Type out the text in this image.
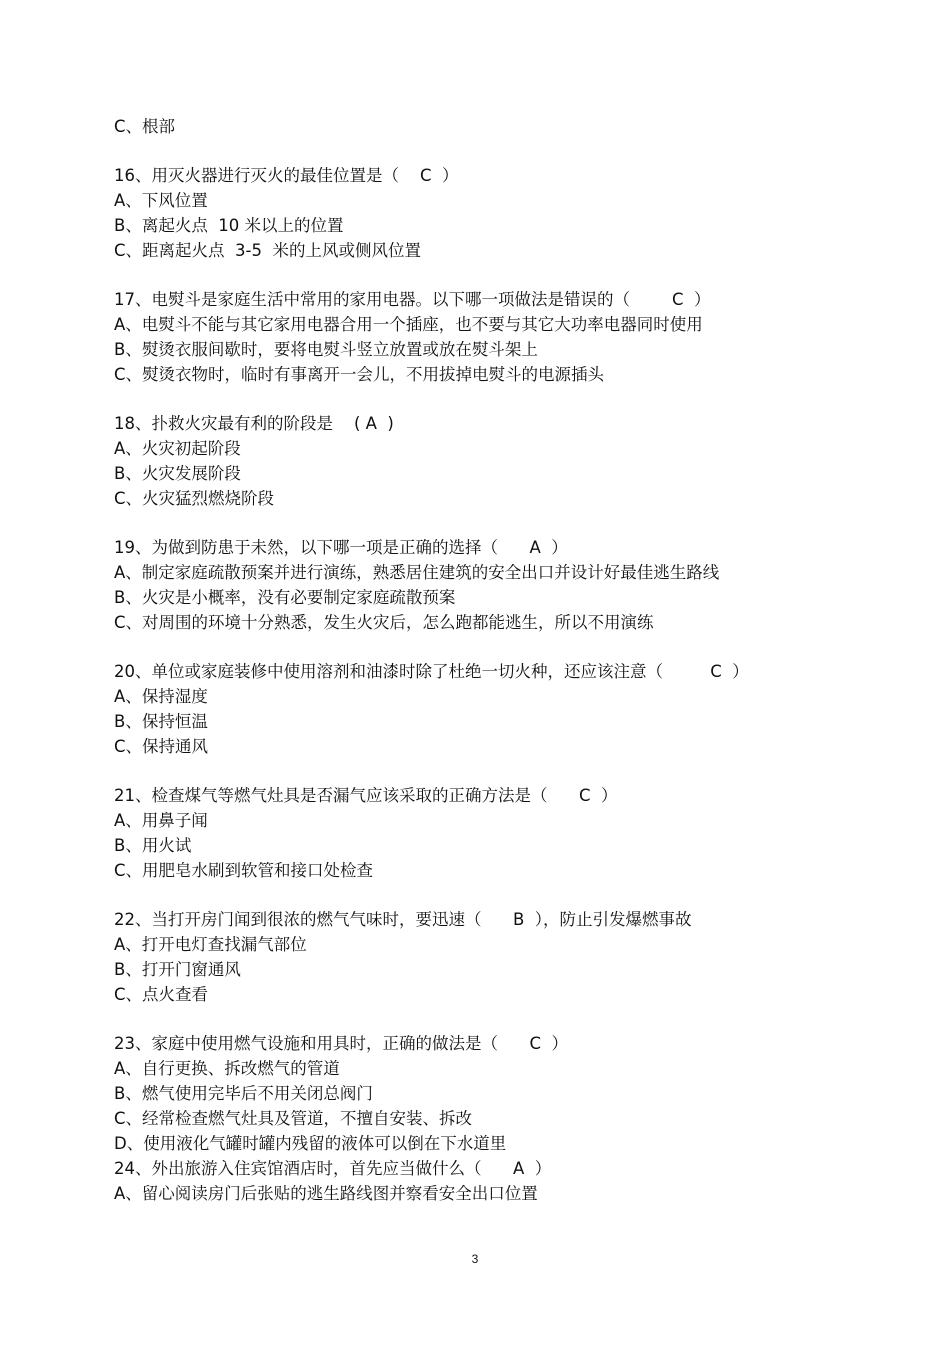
C、根部
16、用灭火器进行灭火的最佳位置是（    C  ）
A、下风位置
B、离起火点  10 米以上的位置
C、距离起火点  3-5  米的上风或侧风位置
17、电熨斗是家庭生活中常用的家用电器。以下哪一项做法是错误的（        C  ）
A、电熨斗不能与其它家用电器合用一个插座，也不要与其它大功率电器同时使用
B、熨烫衣服间歇时，要将电熨斗竖立放置或放在熨斗架上
C、熨烫衣物时，临时有事离开一会儿，不用拔掉电熨斗的电源插头
18、扑救火灾最有利的阶段是    ( A  )
A、火灾初起阶段
B、火灾发展阶段
C、火灾猛烈燃烧阶段
19、为做到防患于未然，以下哪一项是正确的选择（      A  ）
A、制定家庭疏散预案并进行演练，熟悉居住建筑的安全出口并设计好最佳逃生路线
B、火灾是小概率，没有必要制定家庭疏散预案
C、对周围的环境十分熟悉，发生火灾后，怎么跑都能逃生，所以不用演练
20、单位或家庭装修中使用溶剂和油漆时除了杜绝一切火种，还应该注意（         C  ）
A、保持湿度
B、保持恒温
C、保持通风
21、检查煤气等燃气灶具是否漏气应该采取的正确方法是（      C  ）
A、用鼻子闻
B、用火试
C、用肥皂水刷到软管和接口处检查
22、当打开房门闻到很浓的燃气气味时，要迅速（      B  ），防止引发爆燃事故
A、打开电灯查找漏气部位
B、打开门窗通风
C、点火查看
23、家庭中使用燃气设施和用具时，正确的做法是（      C  ）
A、自行更换、拆改燃气的管道
B、燃气使用完毕后不用关闭总阀门
C、经常检查燃气灶具及管道，不擅自安装、拆改
D、使用液化气罐时罐内残留的液体可以倒在下水道里
24、外出旅游入住宾馆酒店时，首先应当做什么（      A  ）
A、留心阅读房门后张贴的逃生路线图并察看安全出口位置
3
